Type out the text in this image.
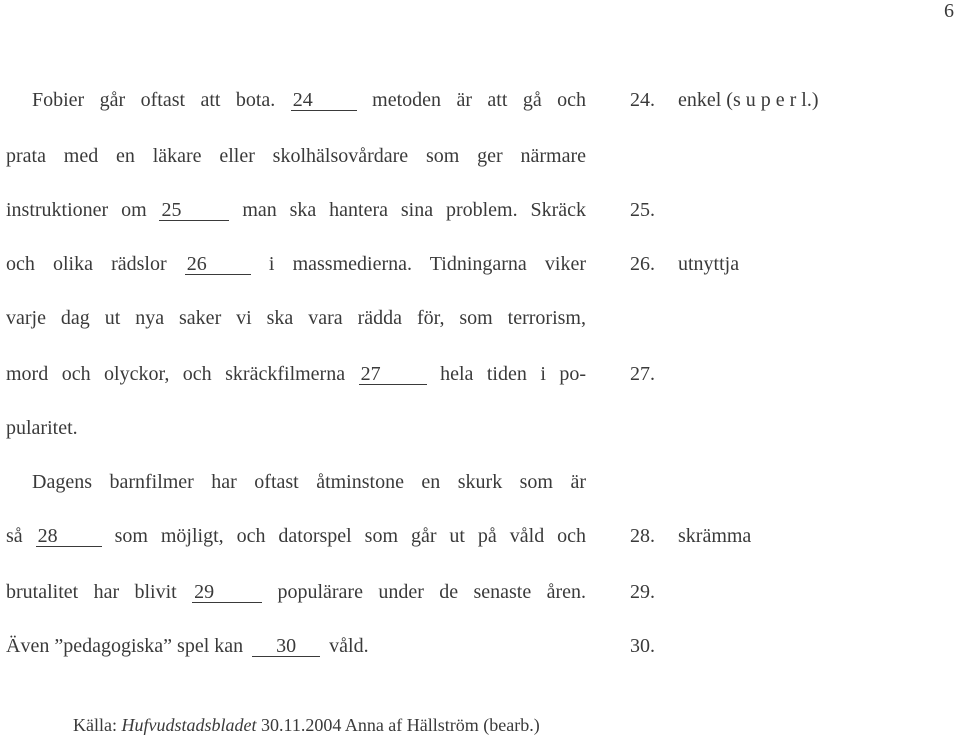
6
Fobier går oftast att bota. 24	metoden är att gå och
prata med en läkare eller skolhälsovårdare som ger närmare
instruktioner om 25	man ska hantera sina problem. Skräck
och olika rädslor 26	i massmedierna. Tidningarna viker
varje dag ut nya saker vi ska vara rädda för, som terrorism,
mord och olyckor, och skräckfilmerna 27	hela tiden i po-
pularitet.
Dagens barnfilmer har oftast åtminstone en skurk som är
så 28	som möjligt, och datorspel som går ut på våld och
brutalitet har blivit 29	populärare under de senaste åren.
Även ”pedagogiska” spel kan 30 våld.
24. enkel (s u p e r l.)
25.
26. utnyttja
27.
28. skrämma
29.
30.
Källa: Hufvudstadsbladet 30.11.2004 Anna af Hällström (bearb.)
